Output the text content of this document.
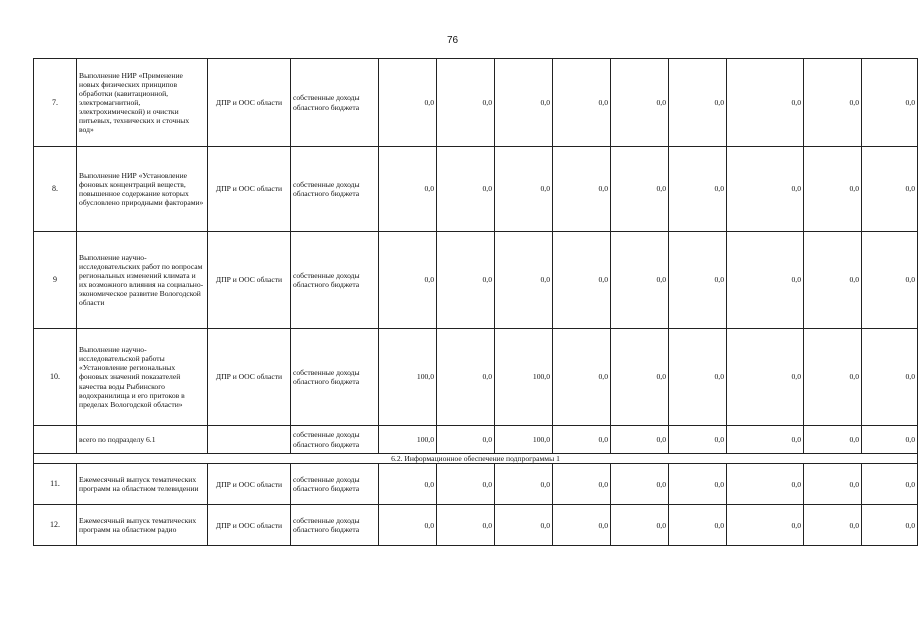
76
7.	Выполнение НИР «Применение новых физических принципов обработки (кавитационной, электромагнитной, электрохимической) и очистки питьевых, технических и сточных вод»	ДПР и ООС области	собственные доходы областного бюджета	0,0	0,0	0,0	0,0	0,0	0,0	0,0	0,0	0,0
8.	Выполнение НИР «Установление фоновых концентраций веществ, повышенное содержание которых обусловлено природными факторами»	ДПР и ООС области	собственные доходы областного бюджета	0,0	0,0	0,0	0,0	0,0	0,0	0,0	0,0	0,0
9	Выполнение научно-исследовательских работ по вопросам региональных изменений климата и их возможного влияния на социально-экономическое развитие Вологодской области	ДПР и ООС области	собственные доходы областного бюджета	0,0	0,0	0,0	0,0	0,0	0,0	0,0	0,0	0,0
10.	Выполнение научно-исследовательской работы «Установление региональных фоновых значений показателей качества воды Рыбинского водохранилища и его притоков в пределах Вологодской области»	ДПР и ООС области	собственные доходы областного бюджета	100,0	0,0	100,0	0,0	0,0	0,0	0,0	0,0	0,0
	всего по подразделу 6.1		собственные доходы областного бюджета	100,0	0,0	100,0	0,0	0,0	0,0	0,0	0,0	0,0
6.2. Информационное обеспечение подпрограммы 1												
11.	Ежемесячный выпуск тематических программ на областном телевидении	ДПР и ООС области	собственные доходы областного бюджета	0,0	0,0	0,0	0,0	0,0	0,0	0,0	0,0	0,0
12.	Ежемесячный выпуск тематических программ на областном радио	ДПР и ООС области	собственные доходы областного бюджета	0,0	0,0	0,0	0,0	0,0	0,0	0,0	0,0	0,0
